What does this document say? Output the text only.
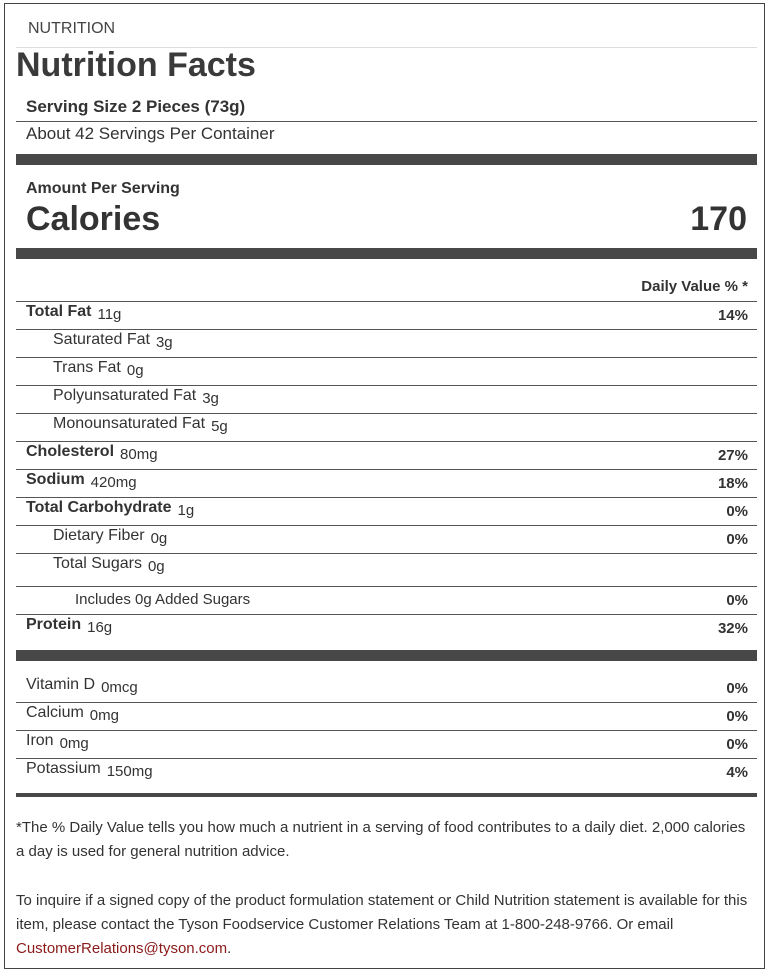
NUTRITION
Nutrition Facts
Serving Size 2 Pieces (73g)
About 42 Servings Per Container
Amount Per Serving
Calories	170
Daily Value % *
Total Fat 11g	14%
Saturated Fat 3g
Trans Fat 0g
Polyunsaturated Fat 3g
Monounsaturated Fat 5g
Cholesterol 80mg	27%
Sodium 420mg	18%
Total Carbohydrate 1g	0%
Dietary Fiber 0g	0%
Total Sugars 0g
Includes 0g Added Sugars	0%
Protein 16g	32%
Vitamin D 0mcg	0%
Calcium 0mg	0%
Iron 0mg	0%
Potassium 150mg	4%
*The % Daily Value tells you how much a nutrient in a serving of food contributes to a daily diet. 2,000 calories a day is used for general nutrition advice.
To inquire if a signed copy of the product formulation statement or Child Nutrition statement is available for this item, please contact the Tyson Foodservice Customer Relations Team at 1-800-248-9766. Or email CustomerRelations@tyson.com.
